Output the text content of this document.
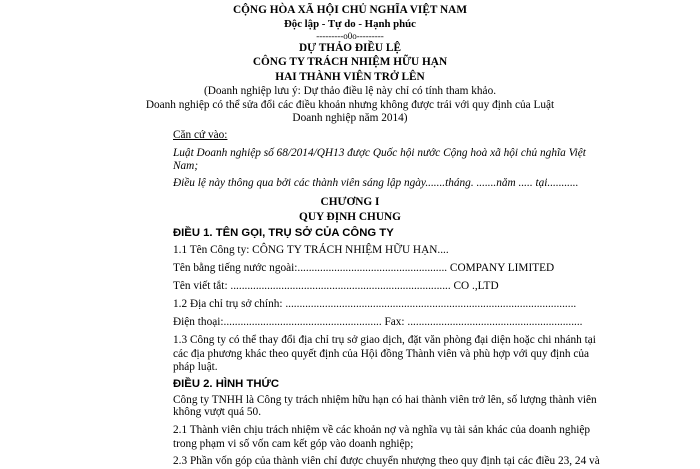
CỘNG HÒA XÃ HỘI CHỦ NGHĨA VIỆT NAM
Độc lập - Tự do - Hạnh phúc
---------o0o---------
DỰ THẢO ĐIỀU LỆ
CÔNG TY TRÁCH NHIỆM HỮU HẠN
HAI THÀNH VIÊN TRỞ LÊN
(Doanh nghiệp lưu ý: Dự thảo điều lệ này chỉ có tính tham khảo.
Doanh nghiệp có thể sửa đổi các điều khoản nhưng không được trái với quy định của Luật
Doanh nghiệp năm 2014)
Căn cứ vào:
Luật Doanh nghiệp số 68/2014/QH13 được Quốc hội nước Cộng hoà xã hội chủ nghĩa Việt
Nam;
Điều lệ này thông qua bởi các thành viên sáng lập ngày.......tháng. .......năm ..... tại...........
CHƯƠNG I
QUY ĐỊNH CHUNG
ĐIỀU 1. TÊN GỌI, TRỤ SỞ CỦA CÔNG TY
1.1 Tên Công ty: CÔNG TY TRÁCH NHIỆM HỮU HẠN....
Tên bằng tiếng nước ngoài:..................................................... COMPANY LIMITED
Tên viết tắt: .............................................................................. CO .,LTD
1.2 Địa chỉ trụ sở chính: .......................................................................................................
Điện thoại:........................................................ Fax: ..............................................................
1.3 Công ty có thể thay đổi địa chỉ trụ sở giao dịch, đặt văn phòng đại diện hoặc chi nhánh tại
các địa phương khác theo quyết định của Hội đồng Thành viên và phù hợp với quy định của
pháp luật.
ĐIỀU 2. HÌNH THỨC
Công ty TNHH là Công ty trách nhiệm hữu hạn có hai thành viên trở lên, số lượng thành viên
không vượt quá 50.
2.1 Thành viên chịu trách nhiệm về các khoản nợ và nghĩa vụ tài sản khác của doanh nghiệp
trong phạm vi số vốn cam kết góp vào doanh nghiệp;
2.3 Phần vốn góp của thành viên chỉ được chuyển nhượng theo quy định tại các điều 23, 24 và
